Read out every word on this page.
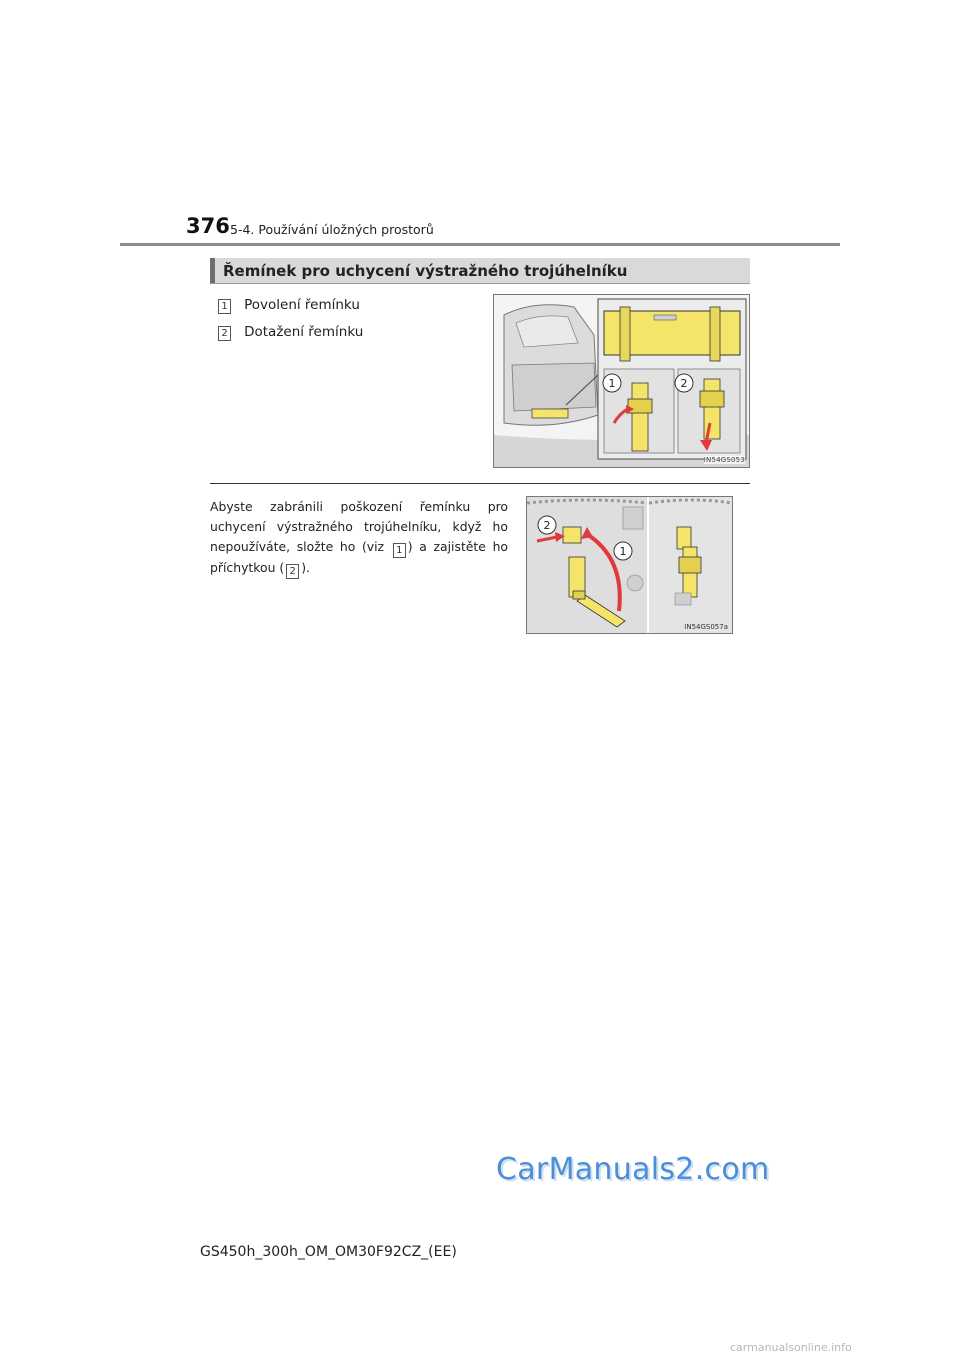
376 5-4. Používání úložných prostorů
Řemínek pro uchycení výstražného trojúhelníku
1 Povolení řemínku
2 Dotažení řemínku
1	2
IN54GS053
Abyste zabránili poškození řemínku pro uchycení výstražného trojúhelníku, když ho nepoužíváte, složte ho (viz 1 ) a zajistěte ho příchytkou ( 2 ).
2
1
IN54GS057a
CarManuals2.com
GS450h_300h_OM_OM30F92CZ_(EE)
carmanualsonline.info
